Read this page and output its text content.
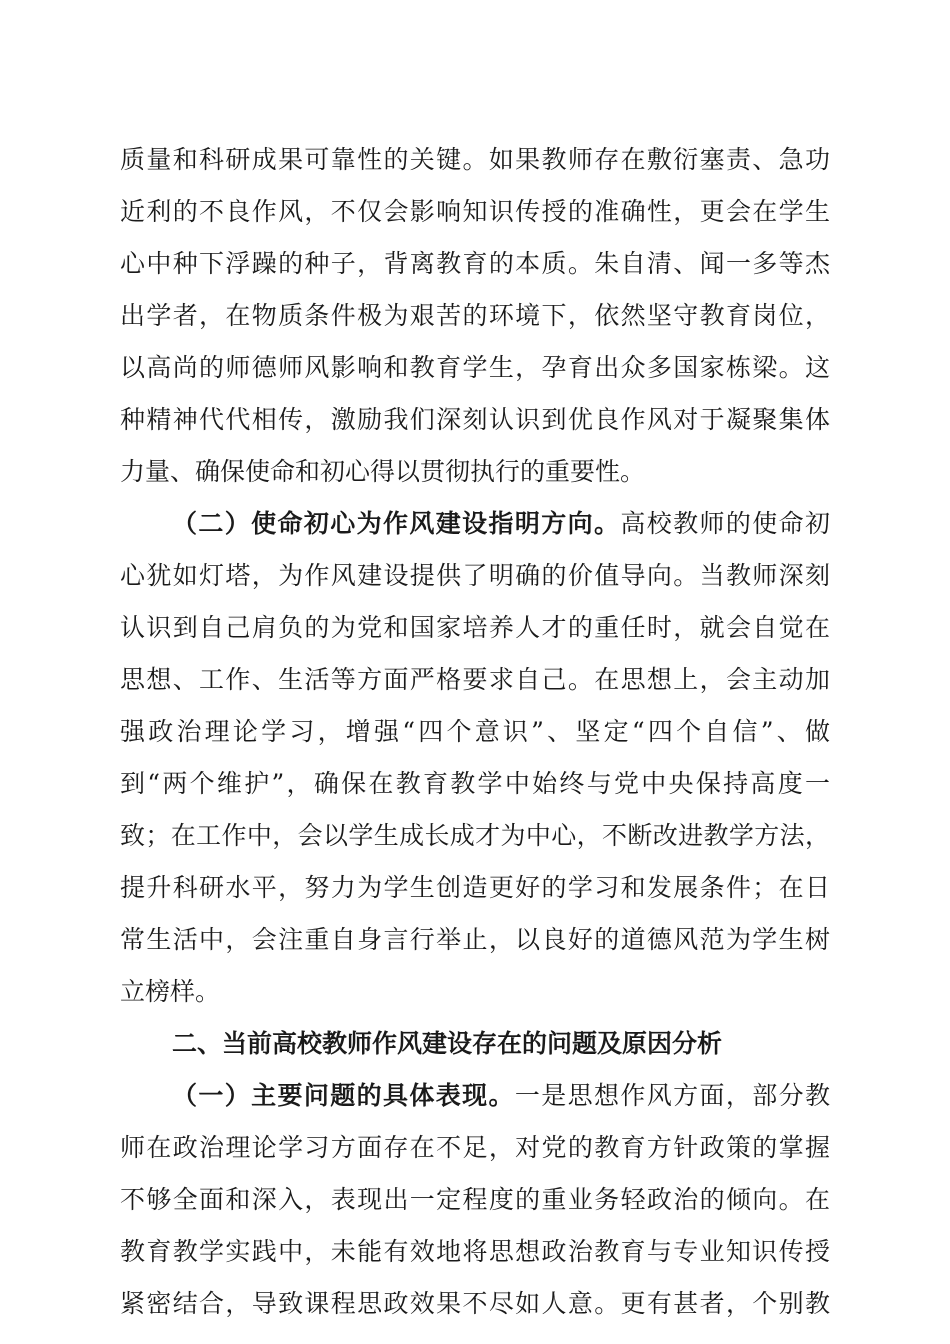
质量和科研成果可靠性的关键。如果教师存在敷衍塞责、急功
近利的不良作风，不仅会影响知识传授的准确性，更会在学生
心中种下浮躁的种子，背离教育的本质。朱自清、闻一多等杰
出学者，在物质条件极为艰苦的环境下，依然坚守教育岗位，
以高尚的师德师风影响和教育学生，孕育出众多国家栋梁。这
种精神代代相传，激励我们深刻认识到优良作风对于凝聚集体
力量、确保使命和初心得以贯彻执行的重要性。
（二）使命初心为作风建设指明方向。高校教师的使命初
心犹如灯塔，为作风建设提供了明确的价值导向。当教师深刻
认识到自己肩负的为党和国家培养人才的重任时，就会自觉在
思想、工作、生活等方面严格要求自己。在思想上，会主动加
强政治理论学习，增强“四个意识”、坚定“四个自信”、做
到“两个维护”，确保在教育教学中始终与党中央保持高度一
致；在工作中，会以学生成长成才为中心，不断改进教学方法，
提升科研水平，努力为学生创造更好的学习和发展条件；在日
常生活中，会注重自身言行举止，以良好的道德风范为学生树
立榜样。
二、当前高校教师作风建设存在的问题及原因分析
（一）主要问题的具体表现。一是思想作风方面，部分教
师在政治理论学习方面存在不足，对党的教育方针政策的掌握
不够全面和深入，表现出一定程度的重业务轻政治的倾向。在
教育教学实践中，未能有效地将思想政治教育与专业知识传授
紧密结合，导致课程思政效果不尽如人意。更有甚者，个别教
